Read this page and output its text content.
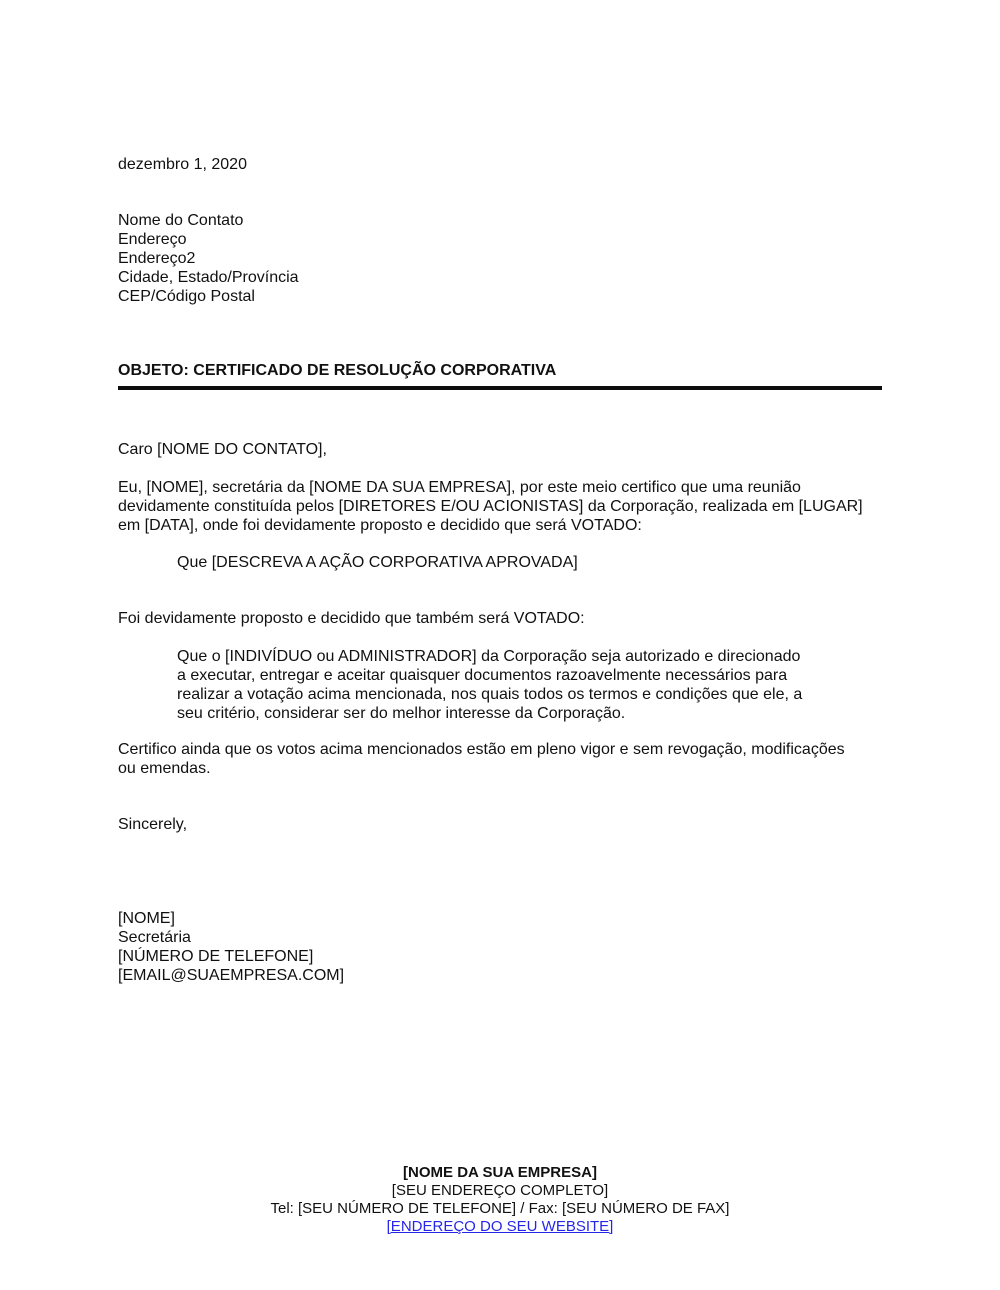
dezembro 1, 2020
Nome do Contato
Endereço
Endereço2
Cidade, Estado/Província
CEP/Código Postal
OBJETO: CERTIFICADO DE RESOLUÇÃO CORPORATIVA
Caro [NOME DO CONTATO],
Eu, [NOME], secretária da [NOME DA SUA EMPRESA], por este meio certifico que uma reunião
devidamente constituída pelos [DIRETORES E/OU ACIONISTAS] da Corporação, realizada em [LUGAR]
em [DATA], onde foi devidamente proposto e decidido que será VOTADO:
Que [DESCREVA A AÇÃO CORPORATIVA APROVADA]
Foi devidamente proposto e decidido que também será VOTADO:
Que o [INDIVÍDUO ou ADMINISTRADOR] da Corporação seja autorizado e direcionado
a executar, entregar e aceitar quaisquer documentos razoavelmente necessários para
realizar a votação acima mencionada, nos quais todos os termos e condições que ele, a
seu critério, considerar ser do melhor interesse da Corporação.
Certifico ainda que os votos acima mencionados estão em pleno vigor e sem revogação, modificações
ou emendas.
Sincerely,
[NOME]
Secretária
[NÚMERO DE TELEFONE]
[EMAIL@SUAEMPRESA.COM]
[NOME DA SUA EMPRESA]
[SEU ENDEREÇO COMPLETO]
Tel: [SEU NÚMERO DE TELEFONE] / Fax: [SEU NÚMERO DE FAX]
[ENDEREÇO DO SEU WEBSITE]
